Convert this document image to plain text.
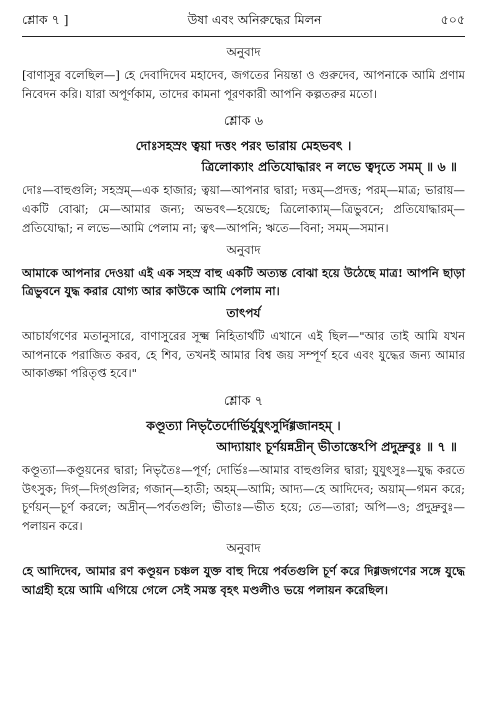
শ্লোক ৭ ]	উষা এবং অনিরুদ্ধের মিলন	৫০৫
অনুবাদ

[বাণাসুর বলেছিল—] হে দেবাদিদেব মহাদেব, জগতের নিয়ন্তা ও গুরুদেব, আপনাকে আমি প্রণাম নিবেদন করি। যারা অপূর্ণকাম, তাদের কামনা পূরণকারী আপনি কল্পতরুর মতো।

শ্লোক ৬
দোঃসহস্রং ত্বয়া দত্তং পরং ভারায় মেহভবৎ ।
ত্রিলোক্যাং প্রতিযোদ্ধারং ন লভে ত্বদৃতে সমম্ ॥ ৬ ॥

দোঃ—বাহুগুলি; সহস্রম্—এক হাজার; ত্বয়া—আপনার দ্বারা; দত্তম্—প্রদত্ত; পরম্—মাত্র; ভারায়—একটি বোঝা; মে—আমার জন্য; অভবৎ—হয়েছে; ত্রিলোক্যাম্—ত্রিভুবনে; প্রতিযোদ্ধারম্—প্রতিযোদ্ধা; ন লভে—আমি পেলাম না; ত্বৎ—আপনি; ঋতে—বিনা; সমম্—সমান।

অনুবাদ

আমাকে আপনার দেওয়া এই এক সহস্র বাহু একটি অত্যন্ত বোঝা হয়ে উঠেছে মাত্র! আপনি ছাড়া ত্রিভুবনে যুদ্ধ করার যোগ্য আর কাউকে আমি পেলাম না।

তাৎপর্য

আচার্যগণের মতানুসারে, বাণাসুরের সূক্ষ্ম নিহিতার্থটি এখানে এই ছিল—"আর তাই আমি যখন আপনাকে পরাজিত করব, হে শিব, তখনই আমার বিশ্ব জয় সম্পূর্ণ হবে এবং যুদ্ধের জন্য আমার আকাঙ্ক্ষা পরিতৃপ্ত হবে।"

শ্লোক ৭
কণ্ডূত্যা নিভৃতৈর্দোর্ভির্যুযুৎসুর্দিগ্গজানহম্ ।
আদ্যায়াং চূর্ণয়ন্নদ্রীন্ ভীতাস্তেঽপি প্রদুদ্রুবুঃ ॥ ৭ ॥

কণ্ডূত্যা—কণ্ডূয়নের দ্বারা; নিভৃতৈঃ—পূর্ণ; দোর্ভিঃ—আমার বাহুগুলির দ্বারা; যুযুৎসুঃ—যুদ্ধ করতে উৎসুক; দিগ্—দিগ্গুলির; গজান্—হাতী; অহম্—আমি; আদ্য—হে আদিদেব; অয়াম্—গমন করে; চূর্ণয়ন্—চূর্ণ করলে; অদ্রীন্—পর্বতগুলি; ভীতাঃ—ভীত হয়ে; তে—তারা; অপি—ও; প্রদুদ্রুবুঃ—পলায়ন করে।

অনুবাদ

হে আদিদেব, আমার রণ কণ্ডূয়ন চঞ্চল যুক্ত বাহু দিয়ে পর্বতগুলি চূর্ণ করে দিগ্গজগণের সঙ্গে যুদ্ধে আগ্রহী হয়ে আমি এগিয়ে গেলে সেই সমস্ত বৃহৎ মণ্ডলীও ভয়ে পলায়ন করেছিল।
